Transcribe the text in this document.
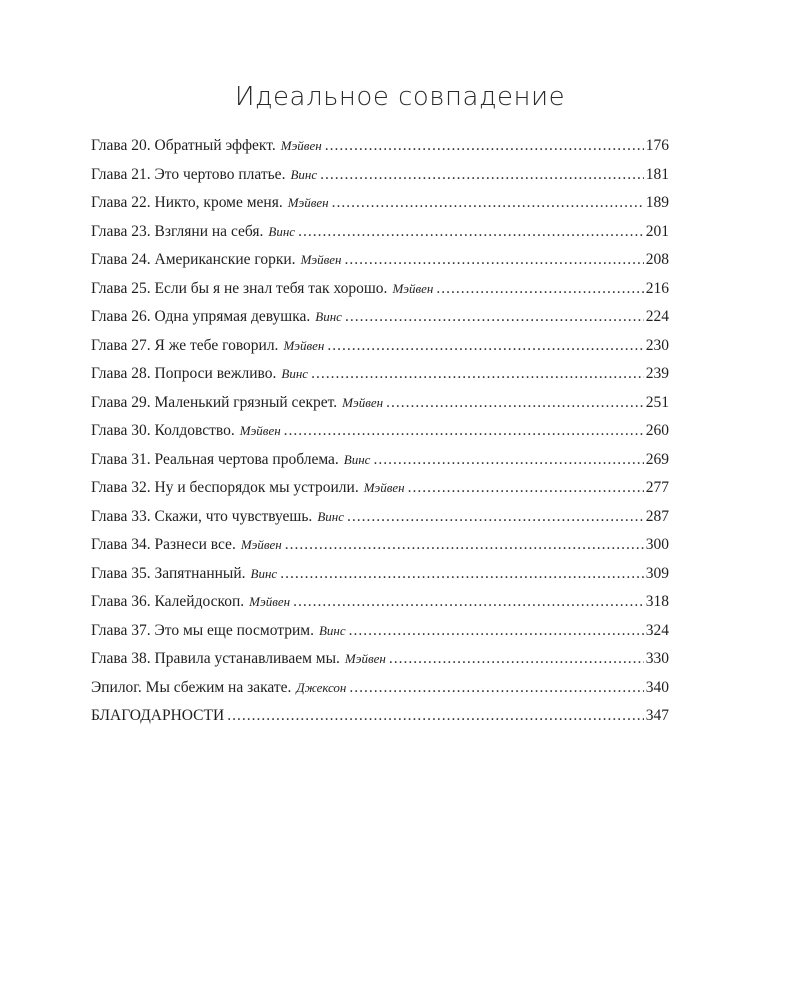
Идеальное совпадение
Глава 20. Обратный эффект. Мэйвен .....	176
Глава 21. Это чертово платье. Винс .....	181
Глава 22. Никто, кроме меня. Мэйвен .....	189
Глава 23. Взгляни на себя. Винс .....	201
Глава 24. Американские горки. Мэйвен .....	208
Глава 25. Если бы я не знал тебя так хорошо. Мэйвен .....	216
Глава 26. Одна упрямая девушка. Винс .....	224
Глава 27. Я же тебе говорил. Мэйвен .....	230
Глава 28. Попроси вежливо. Винс .....	239
Глава 29. Маленький грязный секрет. Мэйвен .....	251
Глава 30. Колдовство. Мэйвен .....	260
Глава 31. Реальная чертова проблема. Винс .....	269
Глава 32. Ну и беспорядок мы устроили. Мэйвен .....	277
Глава 33. Скажи, что чувствуешь. Винс .....	287
Глава 34. Разнеси все. Мэйвен .....	300
Глава 35. Запятнанный. Винс .....	309
Глава 36. Калейдоскоп. Мэйвен .....	318
Глава 37. Это мы еще посмотрим. Винс .....	324
Глава 38. Правила устанавливаем мы. Мэйвен .....	330
Эпилог. Мы сбежим на закате. Джексон .....	340
БЛАГОДАРНОСТИ .....	347
